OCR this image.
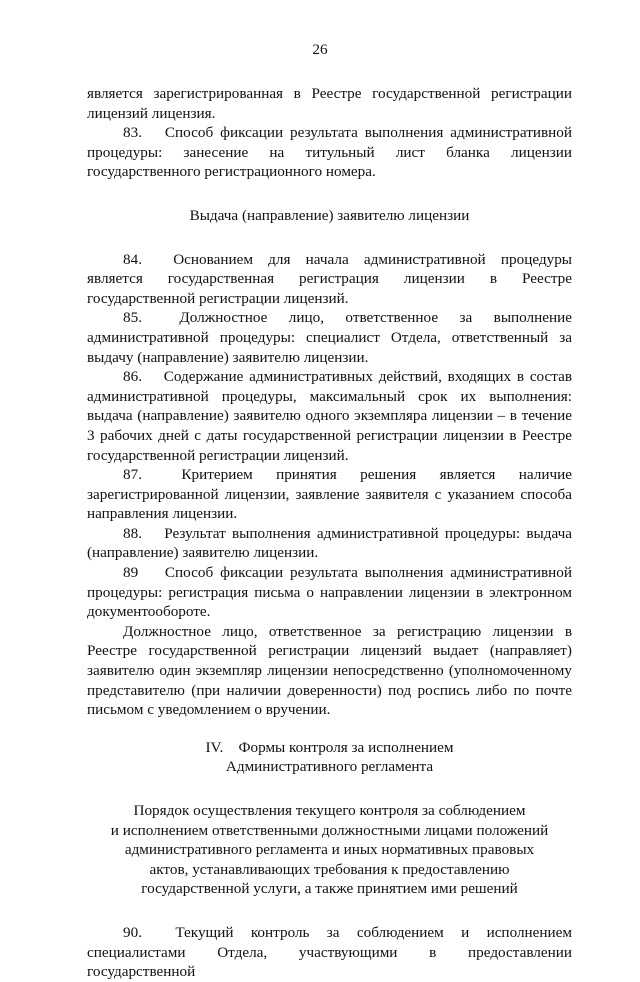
26

является зарегистрированная в Реестре государственной регистрации лицензий лицензия.

83. Способ фиксации результата выполнения административной процедуры: занесение на титульный лист бланка лицензии государственного регистрационного номера.

Выдача (направление) заявителю лицензии

84. Основанием для начала административной процедуры является государственная регистрация лицензии в Реестре государственной регистрации лицензий.

85. Должностное лицо, ответственное за выполнение административной процедуры: специалист Отдела, ответственный за выдачу (направление) заявителю лицензии.

86. Содержание административных действий, входящих в состав административной процедуры, максимальный срок их выполнения: выдача (направление) заявителю одного экземпляра лицензии – в течение 3 рабочих дней с даты государственной регистрации лицензии в Реестре государственной регистрации лицензий.

87.	Критерием принятия решения является наличие зарегистрированной лицензии, заявление заявителя с указанием способа направления лицензии.

88. Результат выполнения административной процедуры: выдача (направление) заявителю лицензии.

89 Способ фиксации результата выполнения административной процедуры: регистрация письма о направлении лицензии в электронном документообороте.

Должностное лицо, ответственное за регистрацию лицензии в Реестре государственной регистрации лицензий выдает (направляет) заявителю один экземпляр лицензии непосредственно (уполномоченному представителю (при наличии доверенности) под роспись либо по почте письмом с уведомлением о вручении.

IV.    Формы контроля за исполнением

Административного регламента

Порядок осуществления текущего контроля за соблюдением

и исполнением ответственными должностными лицами положений

административного регламента и иных нормативных правовых

актов, устанавливающих требования к предоставлению

государственной услуги, а также принятием ими решений

90. Текущий контроль за соблюдением и исполнением специалистами Отдела, участвующими в предоставлении государственной
